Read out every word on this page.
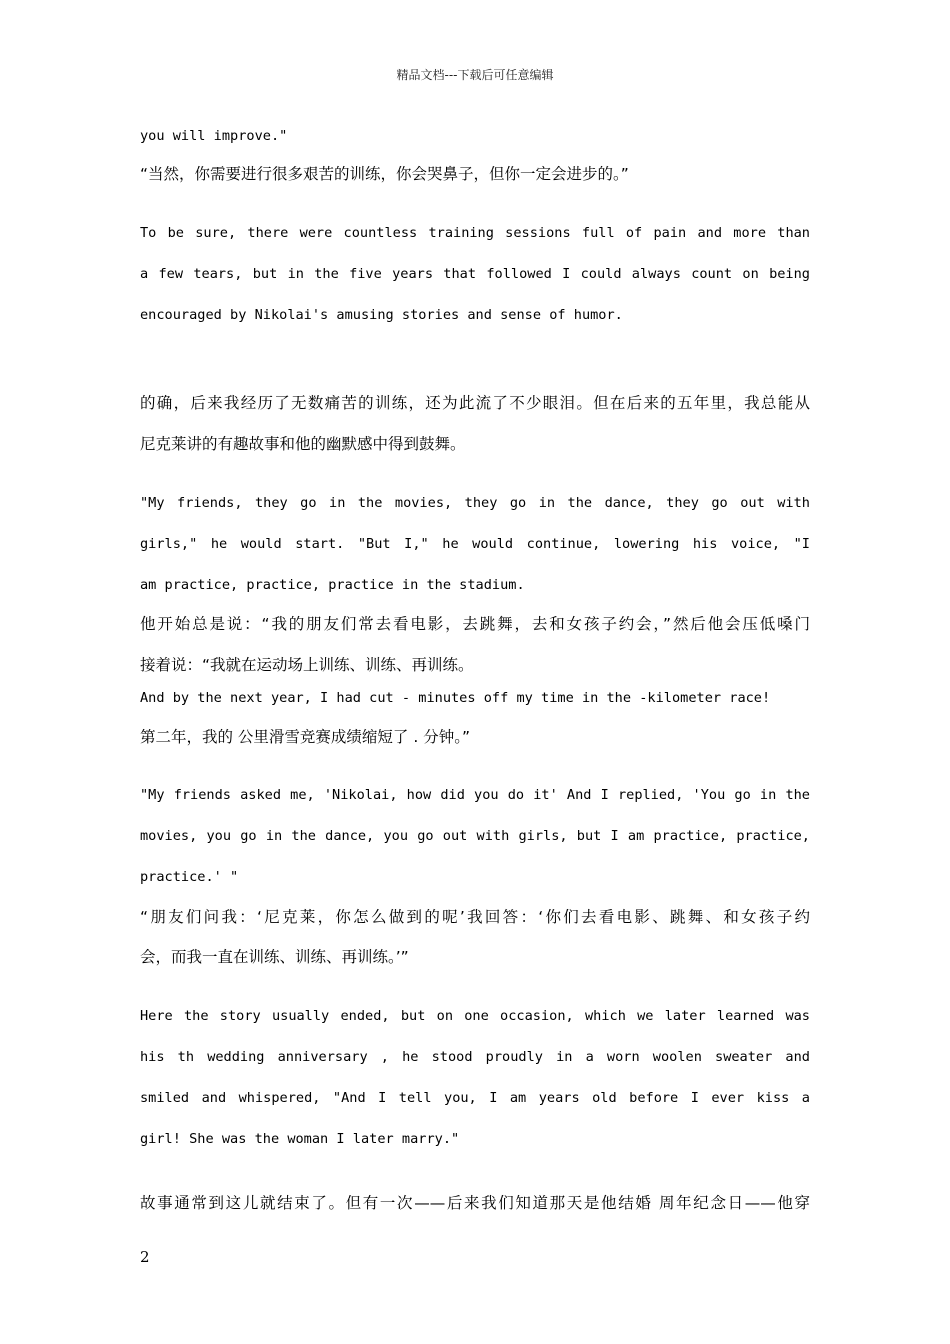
精品文档---下载后可任意编辑
you will improve."
“当然，你需要进行很多艰苦的训练，你会哭鼻子，但你一定会进步的。”
To be sure, there were countless training sessions full of pain and more than
a few tears, but in the five years that followed I could always count on being
encouraged by Nikolai's amusing stories and sense of humor.
的确，后来我经历了无数痛苦的训练，还为此流了不少眼泪。但在后来的五年里，我总能从
尼克莱讲的有趣故事和他的幽默感中得到鼓舞。
"My friends, they go in the movies, they go in the dance, they go out with
girls," he would start. "But I," he would continue, lowering his voice, "I
am practice, practice, practice in the stadium.
他开始总是说：“我的朋友们常去看电影，去跳舞，去和女孩子约会，”然后他会压低嗓门
接着说：“我就在运动场上训练、训练、再训练。
And by the next year, I had cut - minutes off my time in the -kilometer race!
第二年，我的 公里滑雪竞赛成绩缩短了 . 分钟。”
"My friends asked me, 'Nikolai, how did you do it' And I replied, 'You go in the
movies, you go in the dance, you go out with girls, but I am practice, practice,
practice.' "
“朋友们问我：‘尼克莱，你怎么做到的呢’我回答：‘你们去看电影、跳舞、和女孩子约
会，而我一直在训练、训练、再训练。’”
Here the story usually ended, but on one occasion, which we later learned was
his th wedding anniversary , he stood proudly in a worn woolen sweater and
smiled and whispered, "And I tell you, I am years old before I ever kiss a
girl! She was the woman I later marry."
故事通常到这儿就结束了。但有一次——后来我们知道那天是他结婚 周年纪念日——他穿
2
